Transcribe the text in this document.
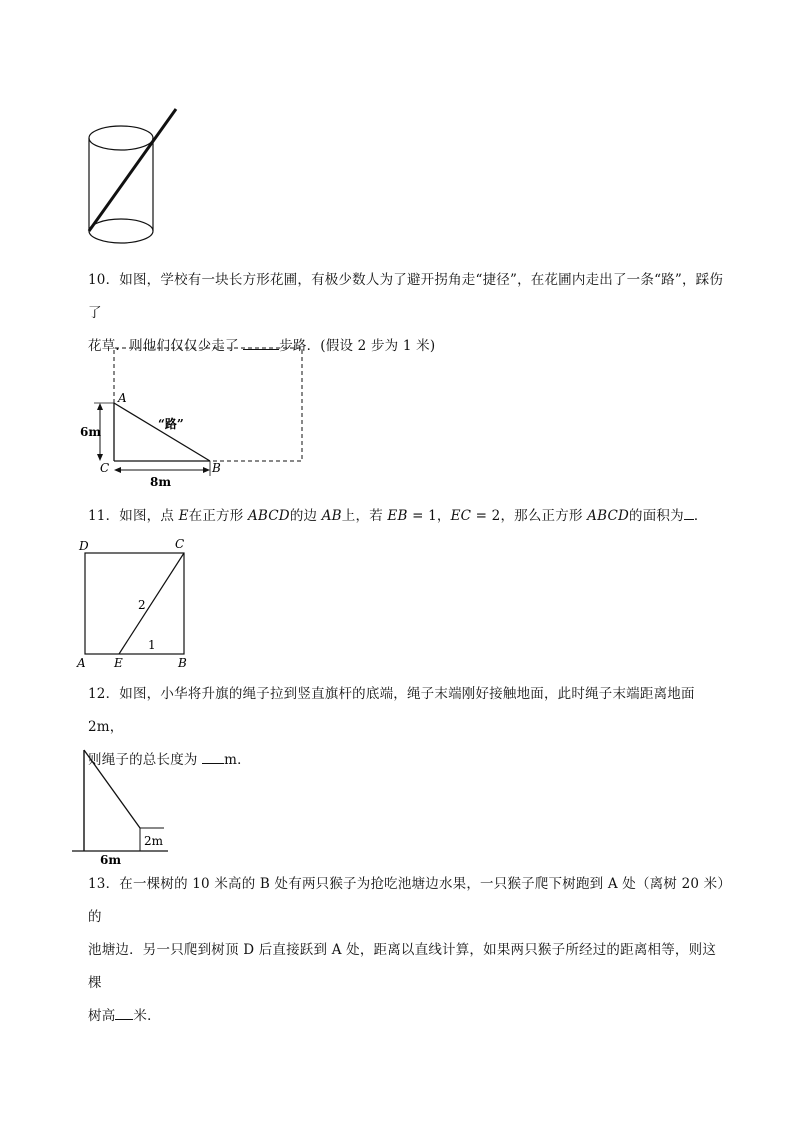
10．如图，学校有一块长方形花圃，有极少数人为了避开拐角走“捷径”，在花圃内走出了一条“路”，踩伤了
花草．则他们仅仅少走了	步路．(假设 2 步为 1 米)
A
C	B
“路”
6m
8m
11．如图，点 E在正方形 ABCD的边 AB上，若 EB = 1，EC = 2，那么正方形 ABCD的面积为 ．
D	C
A E	B
2
1
12．如图，小华将升旗的绳子拉到竖直旗杆的底端，绳子末端刚好接触地面，此时绳子末端距离地面 2m，
则绳子的总长度为 m．
2m
6m
13．在一棵树的 10 米高的 B 处有两只猴子为抢吃池塘边水果，一只猴子爬下树跑到 A 处（离树 20 米）的
池塘边．另一只爬到树顶 D 后直接跃到 A 处，距离以直线计算，如果两只猴子所经过的距离相等，则这棵
树高 米．
